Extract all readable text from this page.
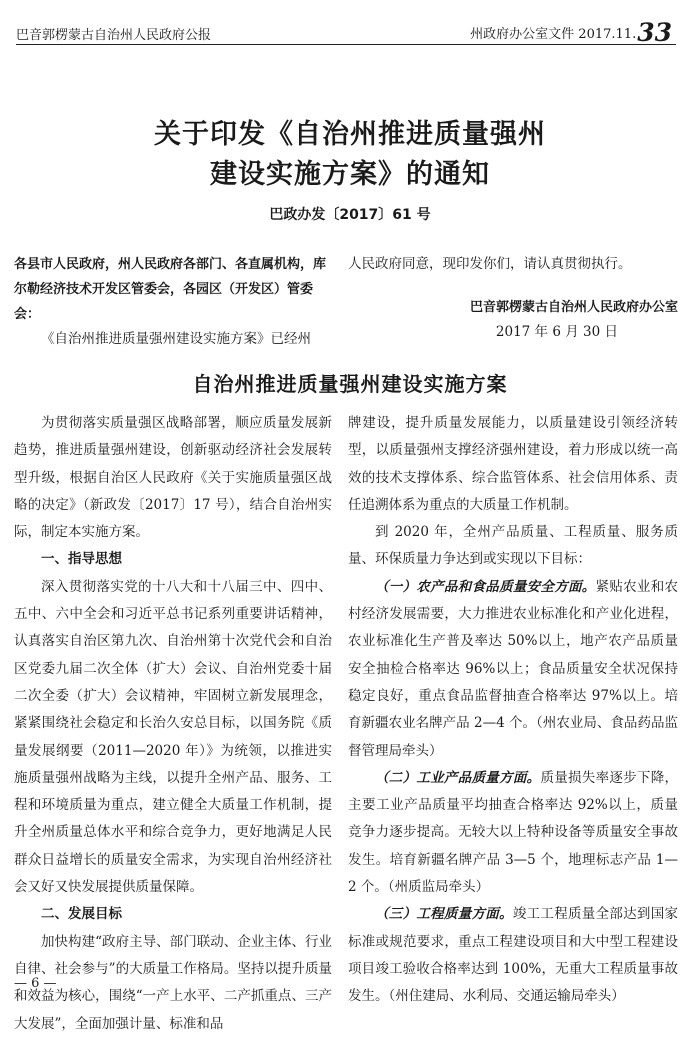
巴音郭楞蒙古自治州人民政府公报	州政府办公室文件 2017.11.33
关于印发《自治州推进质量强州
建设实施方案》的通知
巴政办发〔2017〕61 号
各县市人民政府，州人民政府各部门、各直属机构，库尔勒经济技术开发区管委会，各园区（开发区）管委会：
《自治州推进质量强州建设实施方案》已经州
人民政府同意，现印发你们，请认真贯彻执行。
巴音郭楞蒙古自治州人民政府办公室
2017 年 6 月 30 日
自治州推进质量强州建设实施方案

为贯彻落实质量强区战略部署，顺应质量发展新趋势，推进质量强州建设，创新驱动经济社会发展转型升级，根据自治区人民政府《关于实施质量强区战略的决定》（新政发〔2017〕17 号），结合自治州实际，制定本实施方案。

一、指导思想

深入贯彻落实党的十八大和十八届三中、四中、五中、六中全会和习近平总书记系列重要讲话精神，认真落实自治区第九次、自治州第十次党代会和自治区党委九届二次全体（扩大）会议、自治州党委十届二次全委（扩大）会议精神，牢固树立新发展理念，紧紧围绕社会稳定和长治久安总目标，以国务院《质量发展纲要（2011—2020 年）》为统领，以推进实施质量强州战略为主线，以提升全州产品、服务、工程和环境质量为重点，建立健全大质量工作机制，提升全州质量总体水平和综合竞争力，更好地满足人民群众日益增长的质量安全需求，为实现自治州经济社会又好又快发展提供质量保障。

二、发展目标

加快构建“政府主导、部门联动、企业主体、行业自律、社会参与”的大质量工作格局。坚持以提升质量和效益为核心，围绕“一产上水平、二产抓重点、三产大发展”，全面加强计量、标准和品

牌建设，提升质量发展能力，以质量建设引领经济转型，以质量强州支撑经济强州建设，着力形成以统一高效的技术支撑体系、综合监管体系、社会信用体系、责任追溯体系为重点的大质量工作机制。

到 2020 年，全州产品质量、工程质量、服务质量、环保质量力争达到或实现以下目标：

（一）农产品和食品质量安全方面。紧贴农业和农村经济发展需要，大力推进农业标准化和产业化进程，农业标准化生产普及率达 50%以上，地产农产品质量安全抽检合格率达 96%以上；食品质量安全状况保持稳定良好，重点食品监督抽查合格率达 97%以上。培育新疆农业名牌产品 2—4 个。（州农业局、食品药品监督管理局牵头）

（二）工业产品质量方面。质量损失率逐步下降，主要工业产品质量平均抽查合格率达 92%以上，质量竞争力逐步提高。无较大以上特种设备等质量安全事故发生。培育新疆名牌产品 3—5 个，地理标志产品 1—2 个。（州质监局牵头）

（三）工程质量方面。竣工工程质量全部达到国家标准或规范要求，重点工程建设项目和大中型工程建设项目竣工验收合格率达到 100%，无重大工程质量事故发生。（州住建局、水利局、交通运输局牵头）

— 6 —
